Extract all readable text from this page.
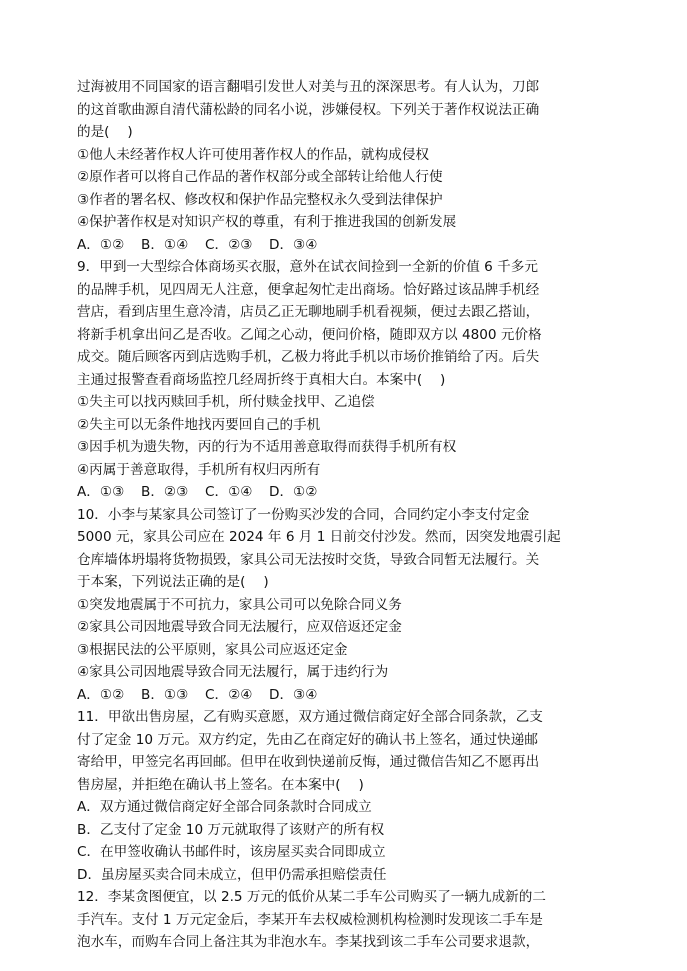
过海被用不同国家的语言翻唱引发世人对美与丑的深深思考。有人认为，刀郎
的这首歌曲源自清代蒲松龄的同名小说，涉嫌侵权。下列关于著作权说法正确
的是(　 )
①他人未经著作权人许可使用著作权人的作品，就构成侵权
②原作者可以将自己作品的著作权部分或全部转让给他人行使
③作者的署名权、修改权和保护作品完整权永久受到法律保护
④保护著作权是对知识产权的尊重，有利于推进我国的创新发展
A．①② B．①④ C．②③ D．③④
9．甲到一大型综合体商场买衣服，意外在试衣间捡到一全新的价值 6 千多元
的品牌手机，见四周无人注意，便拿起匆忙走出商场。恰好路过该品牌手机经
营店，看到店里生意冷清，店员乙正无聊地刷手机看视频，便过去跟乙搭讪，
将新手机拿出问乙是否收。乙闻之心动，便问价格，随即双方以 4800 元价格
成交。随后顾客丙到店选购手机，乙极力将此手机以市场价推销给了丙。后失
主通过报警查看商场监控几经周折终于真相大白。本案中(　 )
①失主可以找丙赎回手机，所付赎金找甲、乙追偿
②失主可以无条件地找丙要回自己的手机
③因手机为遗失物，丙的行为不适用善意取得而获得手机所有权
④丙属于善意取得，手机所有权归丙所有
A．①③ B．②③ C．①④ D．①②
10．小李与某家具公司签订了一份购买沙发的合同，合同约定小李支付定金
5000 元，家具公司应在 2024 年 6 月 1 日前交付沙发。然而，因突发地震引起
仓库墙体坍塌将货物损毁，家具公司无法按时交货，导致合同暂无法履行。关
于本案，下列说法正确的是(　 )
①突发地震属于不可抗力，家具公司可以免除合同义务
②家具公司因地震导致合同无法履行，应双倍返还定金
③根据民法的公平原则，家具公司应返还定金
④家具公司因地震导致合同无法履行，属于违约行为
A．①② B．①③ C．②④ D．③④
11．甲欲出售房屋，乙有购买意愿，双方通过微信商定好全部合同条款，乙支
付了定金 10 万元。双方约定，先由乙在商定好的确认书上签名，通过快递邮
寄给甲，甲签完名再回邮。但甲在收到快递前反悔，通过微信告知乙不愿再出
售房屋，并拒绝在确认书上签名。在本案中(　 )
A．双方通过微信商定好全部合同条款时合同成立
B．乙支付了定金 10 万元就取得了该财产的所有权
C．在甲签收确认书邮件时，该房屋买卖合同即成立
D．虽房屋买卖合同未成立，但甲仍需承担赔偿责任
12．李某贪图便宜，以 2.5 万元的低价从某二手车公司购买了一辆九成新的二
手汽车。支付 1 万元定金后，李某开车去权威检测机构检测时发现该二手车是
泡水车，而购车合同上备注其为非泡水车。李某找到该二手车公司要求退款，
